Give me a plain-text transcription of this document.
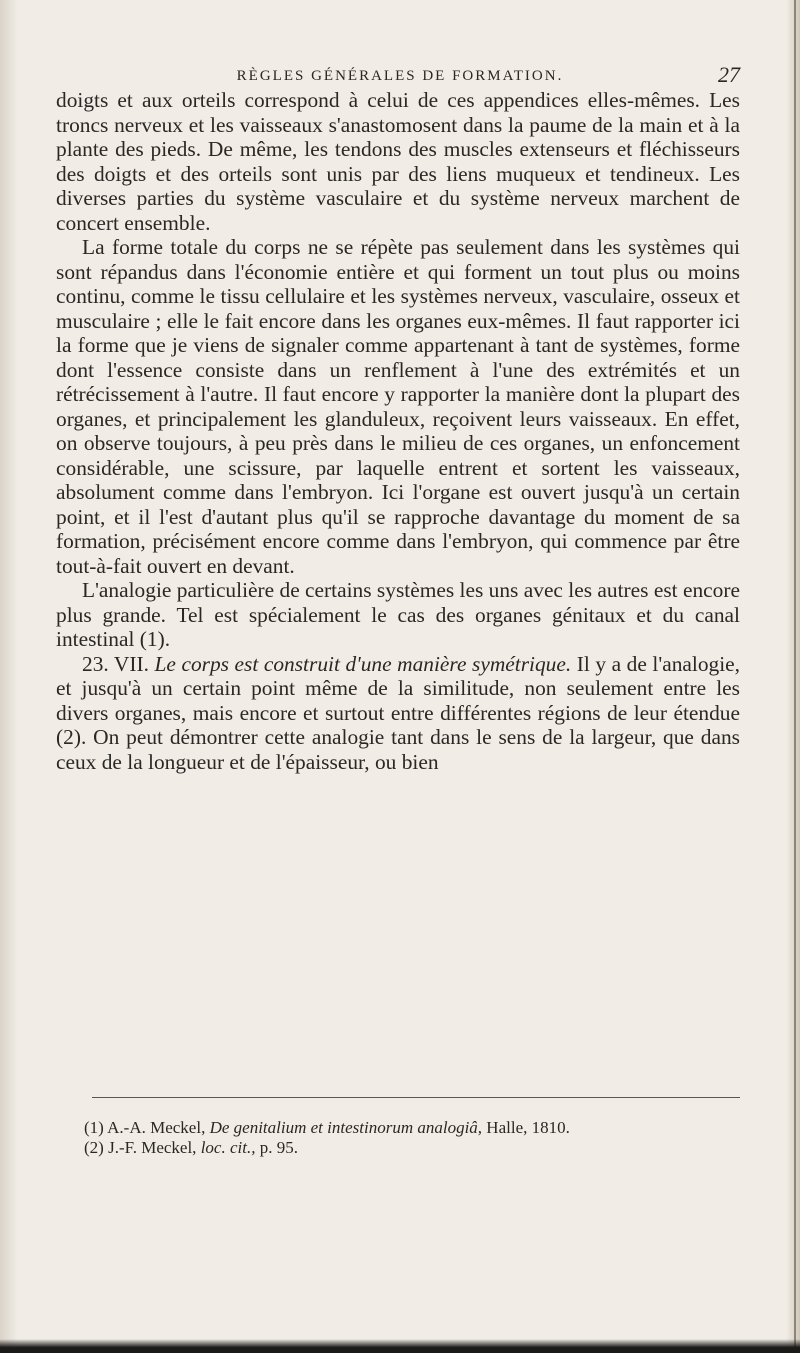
RÈGLES GÉNÉRALES DE FORMATION.	27

doigts et aux orteils correspond à celui de ces appendices elles-mêmes. Les troncs nerveux et les vaisseaux s'anastomosent dans la paume de la main et à la plante des pieds. De même, les tendons des muscles extenseurs et fléchisseurs des doigts et des orteils sont unis par des liens muqueux et tendineux. Les diverses parties du système vasculaire et du système nerveux marchent de concert ensemble.

La forme totale du corps ne se répète pas seulement dans les systèmes qui sont répandus dans l'économie entière et qui forment un tout plus ou moins continu, comme le tissu cellulaire et les systèmes nerveux, vasculaire, osseux et musculaire ; elle le fait encore dans les organes eux-mêmes. Il faut rapporter ici la forme que je viens de signaler comme appartenant à tant de systèmes, forme dont l'essence consiste dans un renflement à l'une des extrémités et un rétrécissement à l'autre. Il faut encore y rapporter la manière dont la plupart des organes, et principalement les glanduleux, reçoivent leurs vaisseaux. En effet, on observe toujours, à peu près dans le milieu de ces organes, un enfoncement considérable, une scissure, par laquelle entrent et sortent les vaisseaux, absolument comme dans l'embryon. Ici l'organe est ouvert jusqu'à un certain point, et il l'est d'autant plus qu'il se rapproche davantage du moment de sa formation, précisément encore comme dans l'embryon, qui commence par être tout-à-fait ouvert en devant.

L'analogie particulière de certains systèmes les uns avec les autres est encore plus grande. Tel est spécialement le cas des organes génitaux et du canal intestinal (1).

23. VII. Le corps est construit d'une manière symétrique. Il y a de l'analogie, et jusqu'à un certain point même de la similitude, non seulement entre les divers organes, mais encore et surtout entre différentes régions de leur étendue (2). On peut démontrer cette analogie tant dans le sens de la largeur, que dans ceux de la longueur et de l'épaisseur, ou bien

(1) A.-A. Meckel, De genitalium et intestinorum analogiâ, Halle, 1810.

(2) J.-F. Meckel, loc. cit., p. 95.
